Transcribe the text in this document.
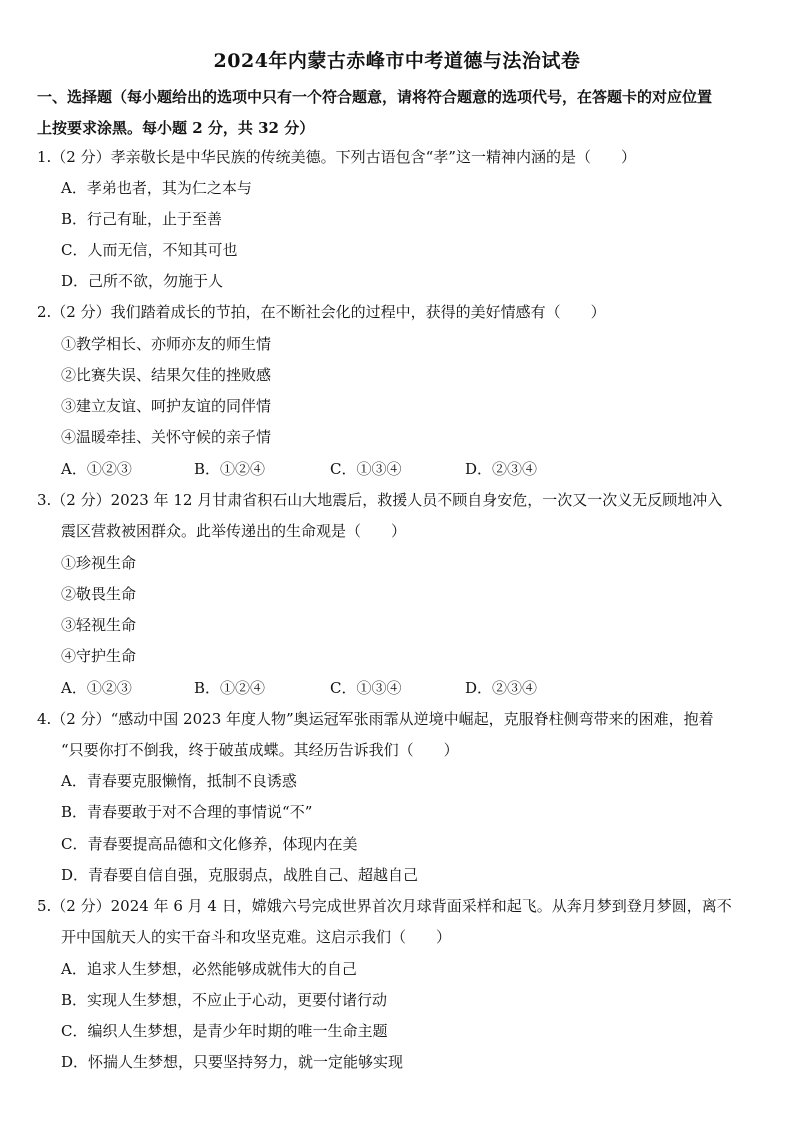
2024年内蒙古赤峰市中考道德与法治试卷
一、选择题（每小题给出的选项中只有一个符合题意，请将符合题意的选项代号，在答题卡的对应位置
上按要求涂黑。每小题 2 分，共 32 分）
1.（2 分）孝亲敬长是中华民族的传统美德。下列古语包含“孝”这一精神内涵的是（　　）
A．孝弟也者，其为仁之本与
B．行己有耻，止于至善
C．人而无信，不知其可也
D．己所不欲，勿施于人
2.（2 分）我们踏着成长的节拍，在不断社会化的过程中，获得的美好情感有（　　）
①教学相长、亦师亦友的师生情
②比赛失误、结果欠佳的挫败感
③建立友谊、呵护友谊的同伴情
④温暖牵挂、关怀守候的亲子情
A．①②③	B．①②④	C．①③④	D．②③④
3.（2 分）2023 年 12 月甘肃省积石山大地震后，救援人员不顾自身安危，一次又一次义无反顾地冲入
震区营救被困群众。此举传递出的生命观是（　　）
①珍视生命
②敬畏生命
③轻视生命
④守护生命
A．①②③	B．①②④	C．①③④	D．②③④
4.（2 分）“感动中国 2023 年度人物”奥运冠军张雨霏从逆境中崛起，克服脊柱侧弯带来的困难，抱着
“只要你打不倒我，终于破茧成蝶。其经历告诉我们（　　）
A．青春要克服懒惰，抵制不良诱惑
B．青春要敢于对不合理的事情说“不”
C．青春要提高品德和文化修养，体现内在美
D．青春要自信自强，克服弱点，战胜自己、超越自己
5.（2 分）2024 年 6 月 4 日，嫦娥六号完成世界首次月球背面采样和起飞。从奔月梦到登月梦圆，离不
开中国航天人的实干奋斗和攻坚克难。这启示我们（　　）
A．追求人生梦想，必然能够成就伟大的自己
B．实现人生梦想，不应止于心动，更要付诸行动
C．编织人生梦想，是青少年时期的唯一生命主题
D．怀揣人生梦想，只要坚持努力，就一定能够实现
